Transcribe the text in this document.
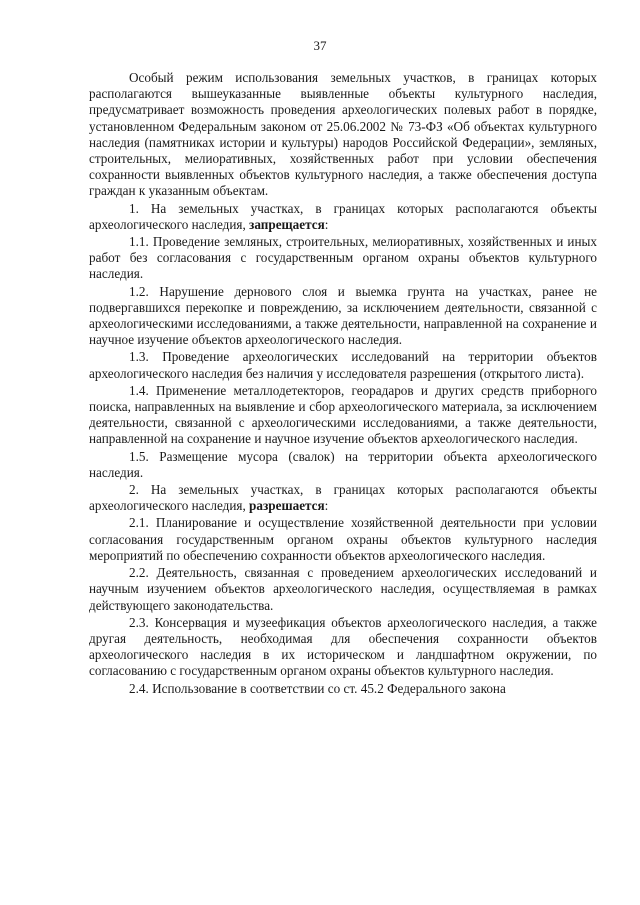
37

Особый режим использования земельных участков, в границах которых располагаются вышеуказанные выявленные объекты культурного наследия, предусматривает возможность проведения археологических полевых работ в порядке, установленном Федеральным законом от 25.06.2002 № 73-ФЗ «Об объектах культурного наследия (памятниках истории и культуры) народов Российской Федерации», земляных, строительных, мелиоративных, хозяйственных работ при условии обеспечения сохранности выявленных объектов культурного наследия, а также обеспечения доступа граждан к указанным объектам.

1. На земельных участках, в границах которых располагаются объекты археологического наследия, запрещается:

1.1. Проведение земляных, строительных, мелиоративных, хозяйственных и иных работ без согласования с государственным органом охраны объектов культурного наследия.

1.2. Нарушение дернового слоя и выемка грунта на участках, ранее не подвергавшихся перекопке и повреждению, за исключением деятельности, связанной с археологическими исследованиями, а также деятельности, направленной на сохранение и научное изучение объектов археологического наследия.

1.3. Проведение археологических исследований на территории объектов археологического наследия без наличия у исследователя разрешения (открытого листа).

1.4. Применение металлодетекторов, георадаров и других средств приборного поиска, направленных на выявление и сбор археологического материала, за исключением деятельности, связанной с археологическими исследованиями, а также деятельности, направленной на сохранение и научное изучение объектов археологического наследия.

1.5. Размещение мусора (свалок) на территории объекта археологического наследия.

2. На земельных участках, в границах которых располагаются объекты археологического наследия, разрешается:

2.1. Планирование и осуществление хозяйственной деятельности при условии согласования государственным органом охраны объектов культурного наследия мероприятий по обеспечению сохранности объектов археологического наследия.

2.2. Деятельность, связанная с проведением археологических исследований и научным изучением объектов археологического наследия, осуществляемая в рамках действующего законодательства.

2.3. Консервация и музеефикация объектов археологического наследия, а также другая деятельность, необходимая для обеспечения сохранности объектов археологического наследия в их историческом и ландшафтном окружении, по согласованию с государственным органом охраны объектов культурного наследия.

2.4. Использование в соответствии со ст. 45.2 Федерального закона
